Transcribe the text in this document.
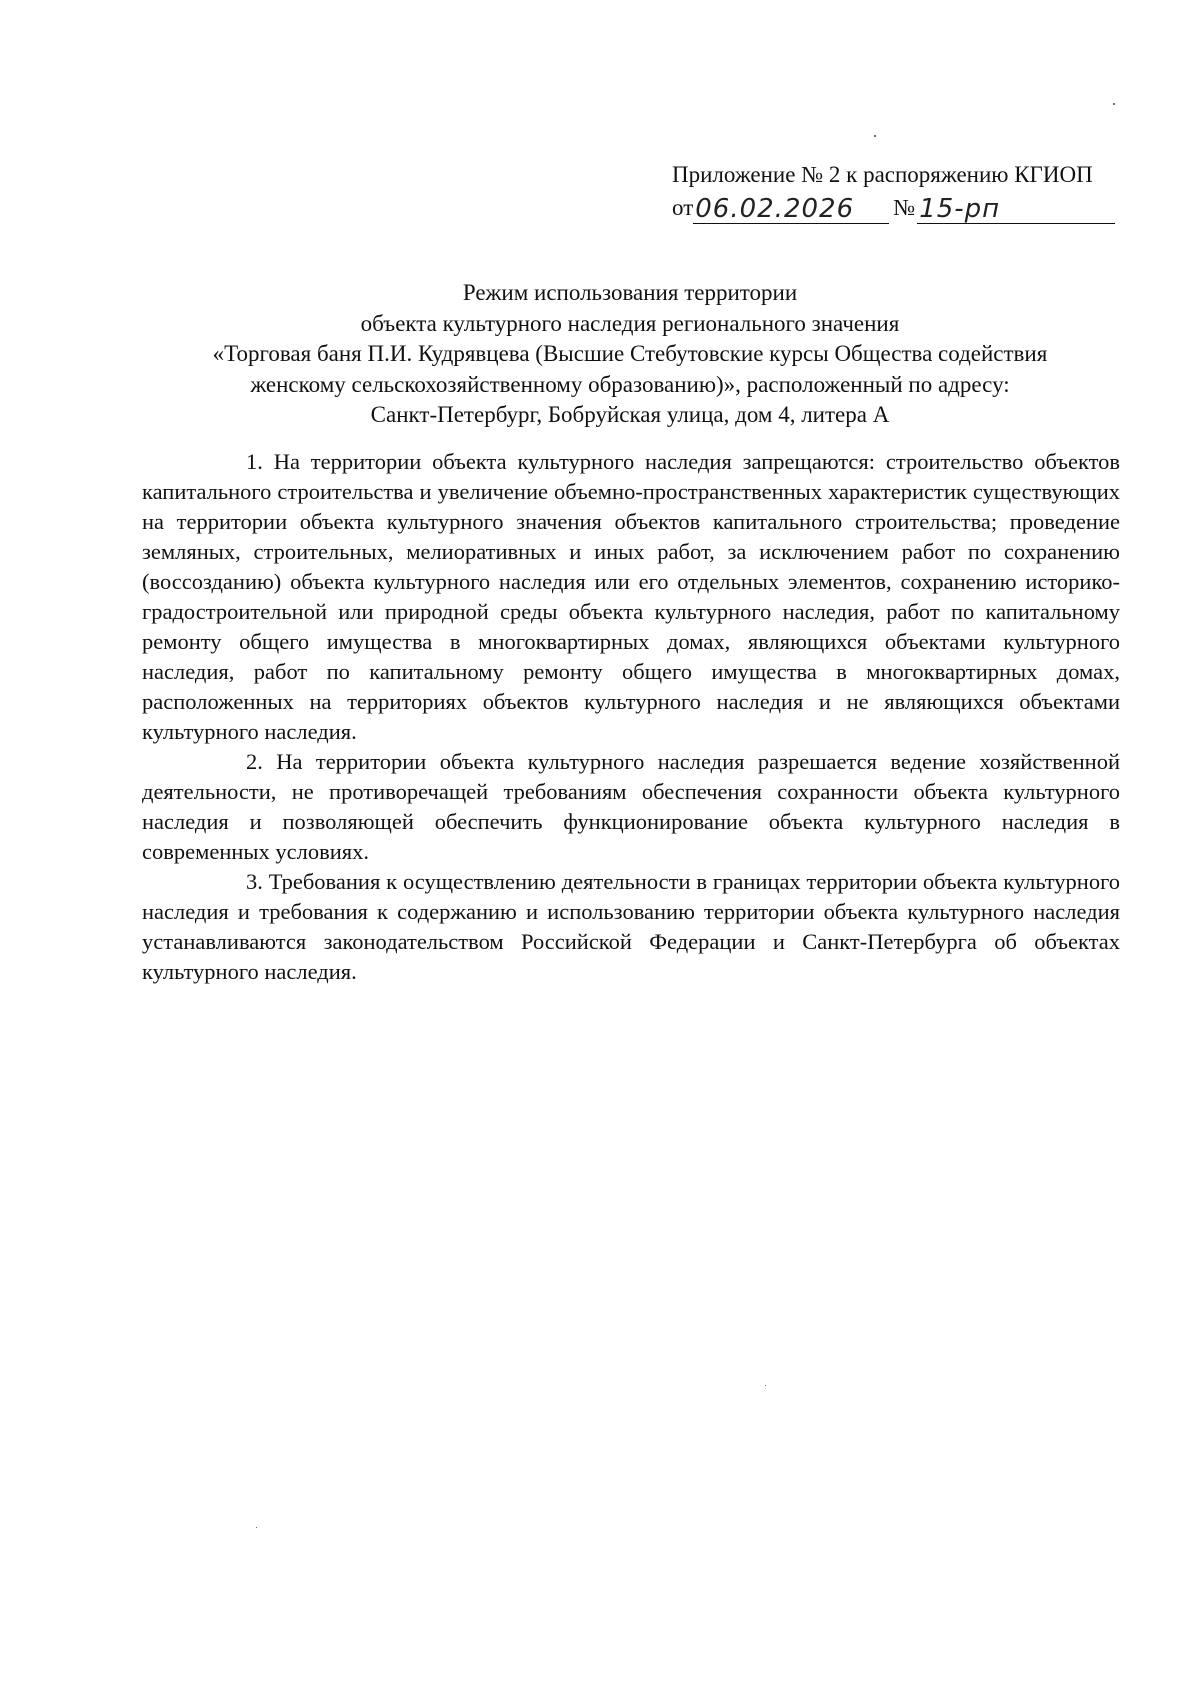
Приложение № 2 к распоряжению КГИОП
от 06.02.2026	№ 15-рп
Режим использования территории
объекта культурного наследия регионального значения
«Торговая баня П.И. Кудрявцева (Высшие Стебутовские курсы Общества содействия
женскому сельскохозяйственному образованию)», расположенный по адресу:
Санкт-Петербург, Бобруйская улица, дом 4, литера А

1. На территории объекта культурного наследия запрещаются: строительство объектов капитального строительства и увеличение объемно-пространственных характеристик существующих на территории объекта культурного значения объектов капитального строительства; проведение земляных, строительных, мелиоративных и иных работ, за исключением работ по сохранению (воссозданию) объекта культурного наследия или его отдельных элементов, сохранению историко-градостроительной или природной среды объекта культурного наследия, работ по капитальному ремонту общего имущества в многоквартирных домах, являющихся объектами культурного наследия, работ по капитальному ремонту общего имущества в многоквартирных домах, расположенных на территориях объектов культурного наследия и не являющихся объектами культурного наследия.

2. На территории объекта культурного наследия разрешается ведение хозяйственной деятельности, не противоречащей требованиям обеспечения сохранности объекта культурного наследия и позволяющей обеспечить функционирование объекта культурного наследия в современных условиях.

3. Требования к осуществлению деятельности в границах территории объекта культурного наследия и требования к содержанию и использованию территории объекта культурного наследия устанавливаются законодательством Российской Федерации и Санкт-Петербурга об объектах культурного наследия.
